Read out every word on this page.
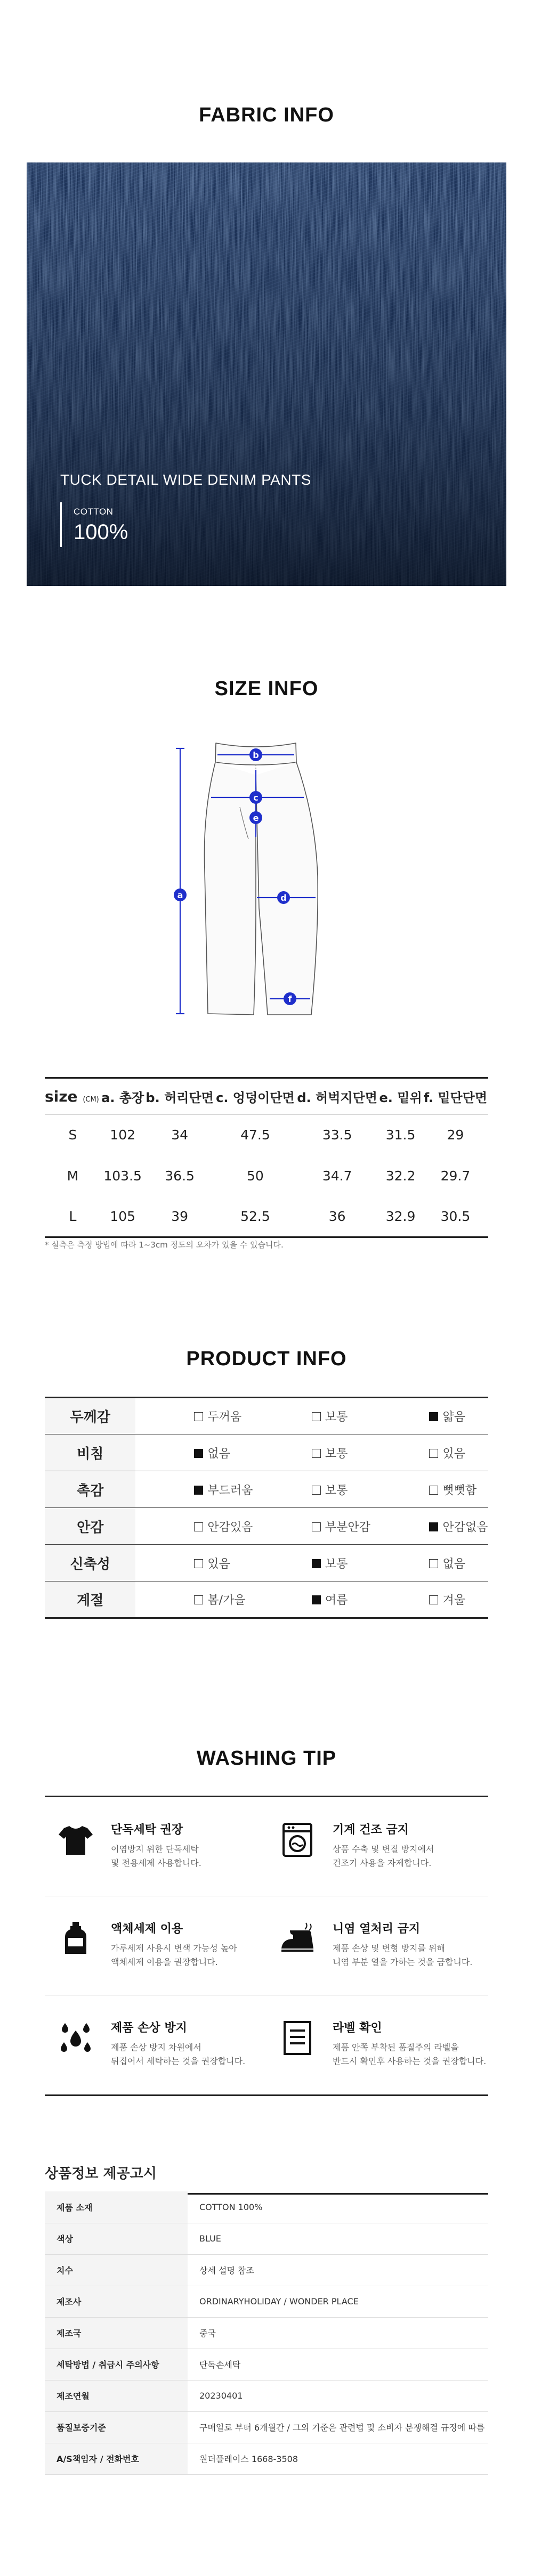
FABRIC INFO
TUCK DETAIL WIDE DENIM PANTS
COTTON
100%
SIZE INFO
a
b
c
d
e
f
size (CM)	a. 총장	b. 허리단면	c. 엉덩이단면	d. 허벅지단면	e. 밑위	f. 밑단단면
S	102	34	47.5	33.5	31.5	29
M	103.5	36.5	50	34.7	32.2	29.7
L	105	39	52.5	36	32.9	30.5
* 실측은 측정 방법에 따라 1~3cm 정도의 오차가 있을 수 있습니다.
PRODUCT INFO
두께감	두꺼움	보통	얇음
비침	없음	보통	있음
촉감	부드러움	보통	뻣뻣함
안감	안감있음	부분안감	안감없음
신축성	있음	보통	없음
계절	봄/가을	여름	겨울
WASHING TIP
단독세탁 권장

이염방지 위한 단독세탁

및 전용세제 사용합니다.

기계 건조 금지

상품 수축 및 변질 방지에서

건조기 사용을 자제합니다.

액체세제 이용

가루세제 사용시 변색 가능성 높아

액체세제 이용을 권장합니다.

니염 열처리 금지

제품 손상 및 변형 방지를 위해

니염 부분 열을 가하는 것을 금합니다.

제품 손상 방지

제품 손상 방지 차원에서

뒤집어서 세탁하는 것을 권장합니다.

라벨 확인

제품 안쪽 부착된 품질주의 라벨을

반드시 확인후 사용하는 것을 권장합니다.

상품정보 제공고시
제품 소재	COTTON 100%
색상	BLUE
치수	상세 설명 참조
제조사	ORDINARYHOLIDAY / WONDER PLACE
제조국	중국
세탁방법 / 취급시 주의사항	단독손세탁
제조연월	20230401
품질보증기준	구매일로 부터 6개월간 / 그외 기준은 관련법 및 소비자 분쟁해결 규정에 따름
A/S책임자 / 전화번호	원더플레이스 1668-3508
